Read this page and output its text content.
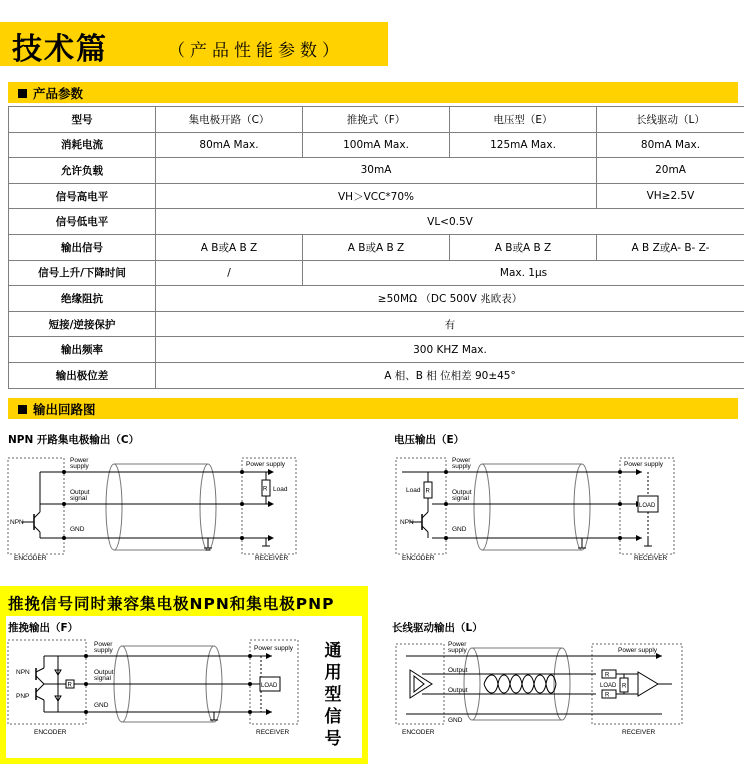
技术篇	（产品性能参数）
产品参数
型号	集电极开路（C）	推挽式（F）	电压型（E）	长线驱动（L）
消耗电流	80mA Max.	100mA Max.	125mA Max.	80mA Max.
允许负载	30mA			20mA
信号高电平	VH＞VCC*70%			VH≥2.5V
信号低电平	VL<0.5V			
输出信号	A B或A B Z	A B或A B Z	A B或A B Z	A B Z或A- B- Z-
信号上升/下降时间	/	Max. 1μs		
绝缘阻抗	≥50MΩ （DC 500V 兆欧表）			
短接/逆接保护	有			
输出频率	300 KHZ Max.			
输出极位差	A 相、B 相 位相差 90±45°			
输出回路图
NPN 开路集电极输出（C）	电压输出（E）
Power
supply
Output
signal
GND
NPN
Power supply
R Load
ENCODER	RECEIVER
Power
supply
Output
signal
GND
Load R
NPN
LOAD
Power supply
ENCODER	RECEIVER
推挽信号同时兼容集电极NPN和集电极PNP
推挽输出（F）	长线驱动输出（L）
通
用
型
信
号
Power
supply
Output
signal
GND
NPN
PNP
R	LOAD
Power supply
ENCODER	RECEIVER
Power
supply
Output
Output
GND
R
R
R
LOAD
Power supply
ENCODER	RECEIVER
